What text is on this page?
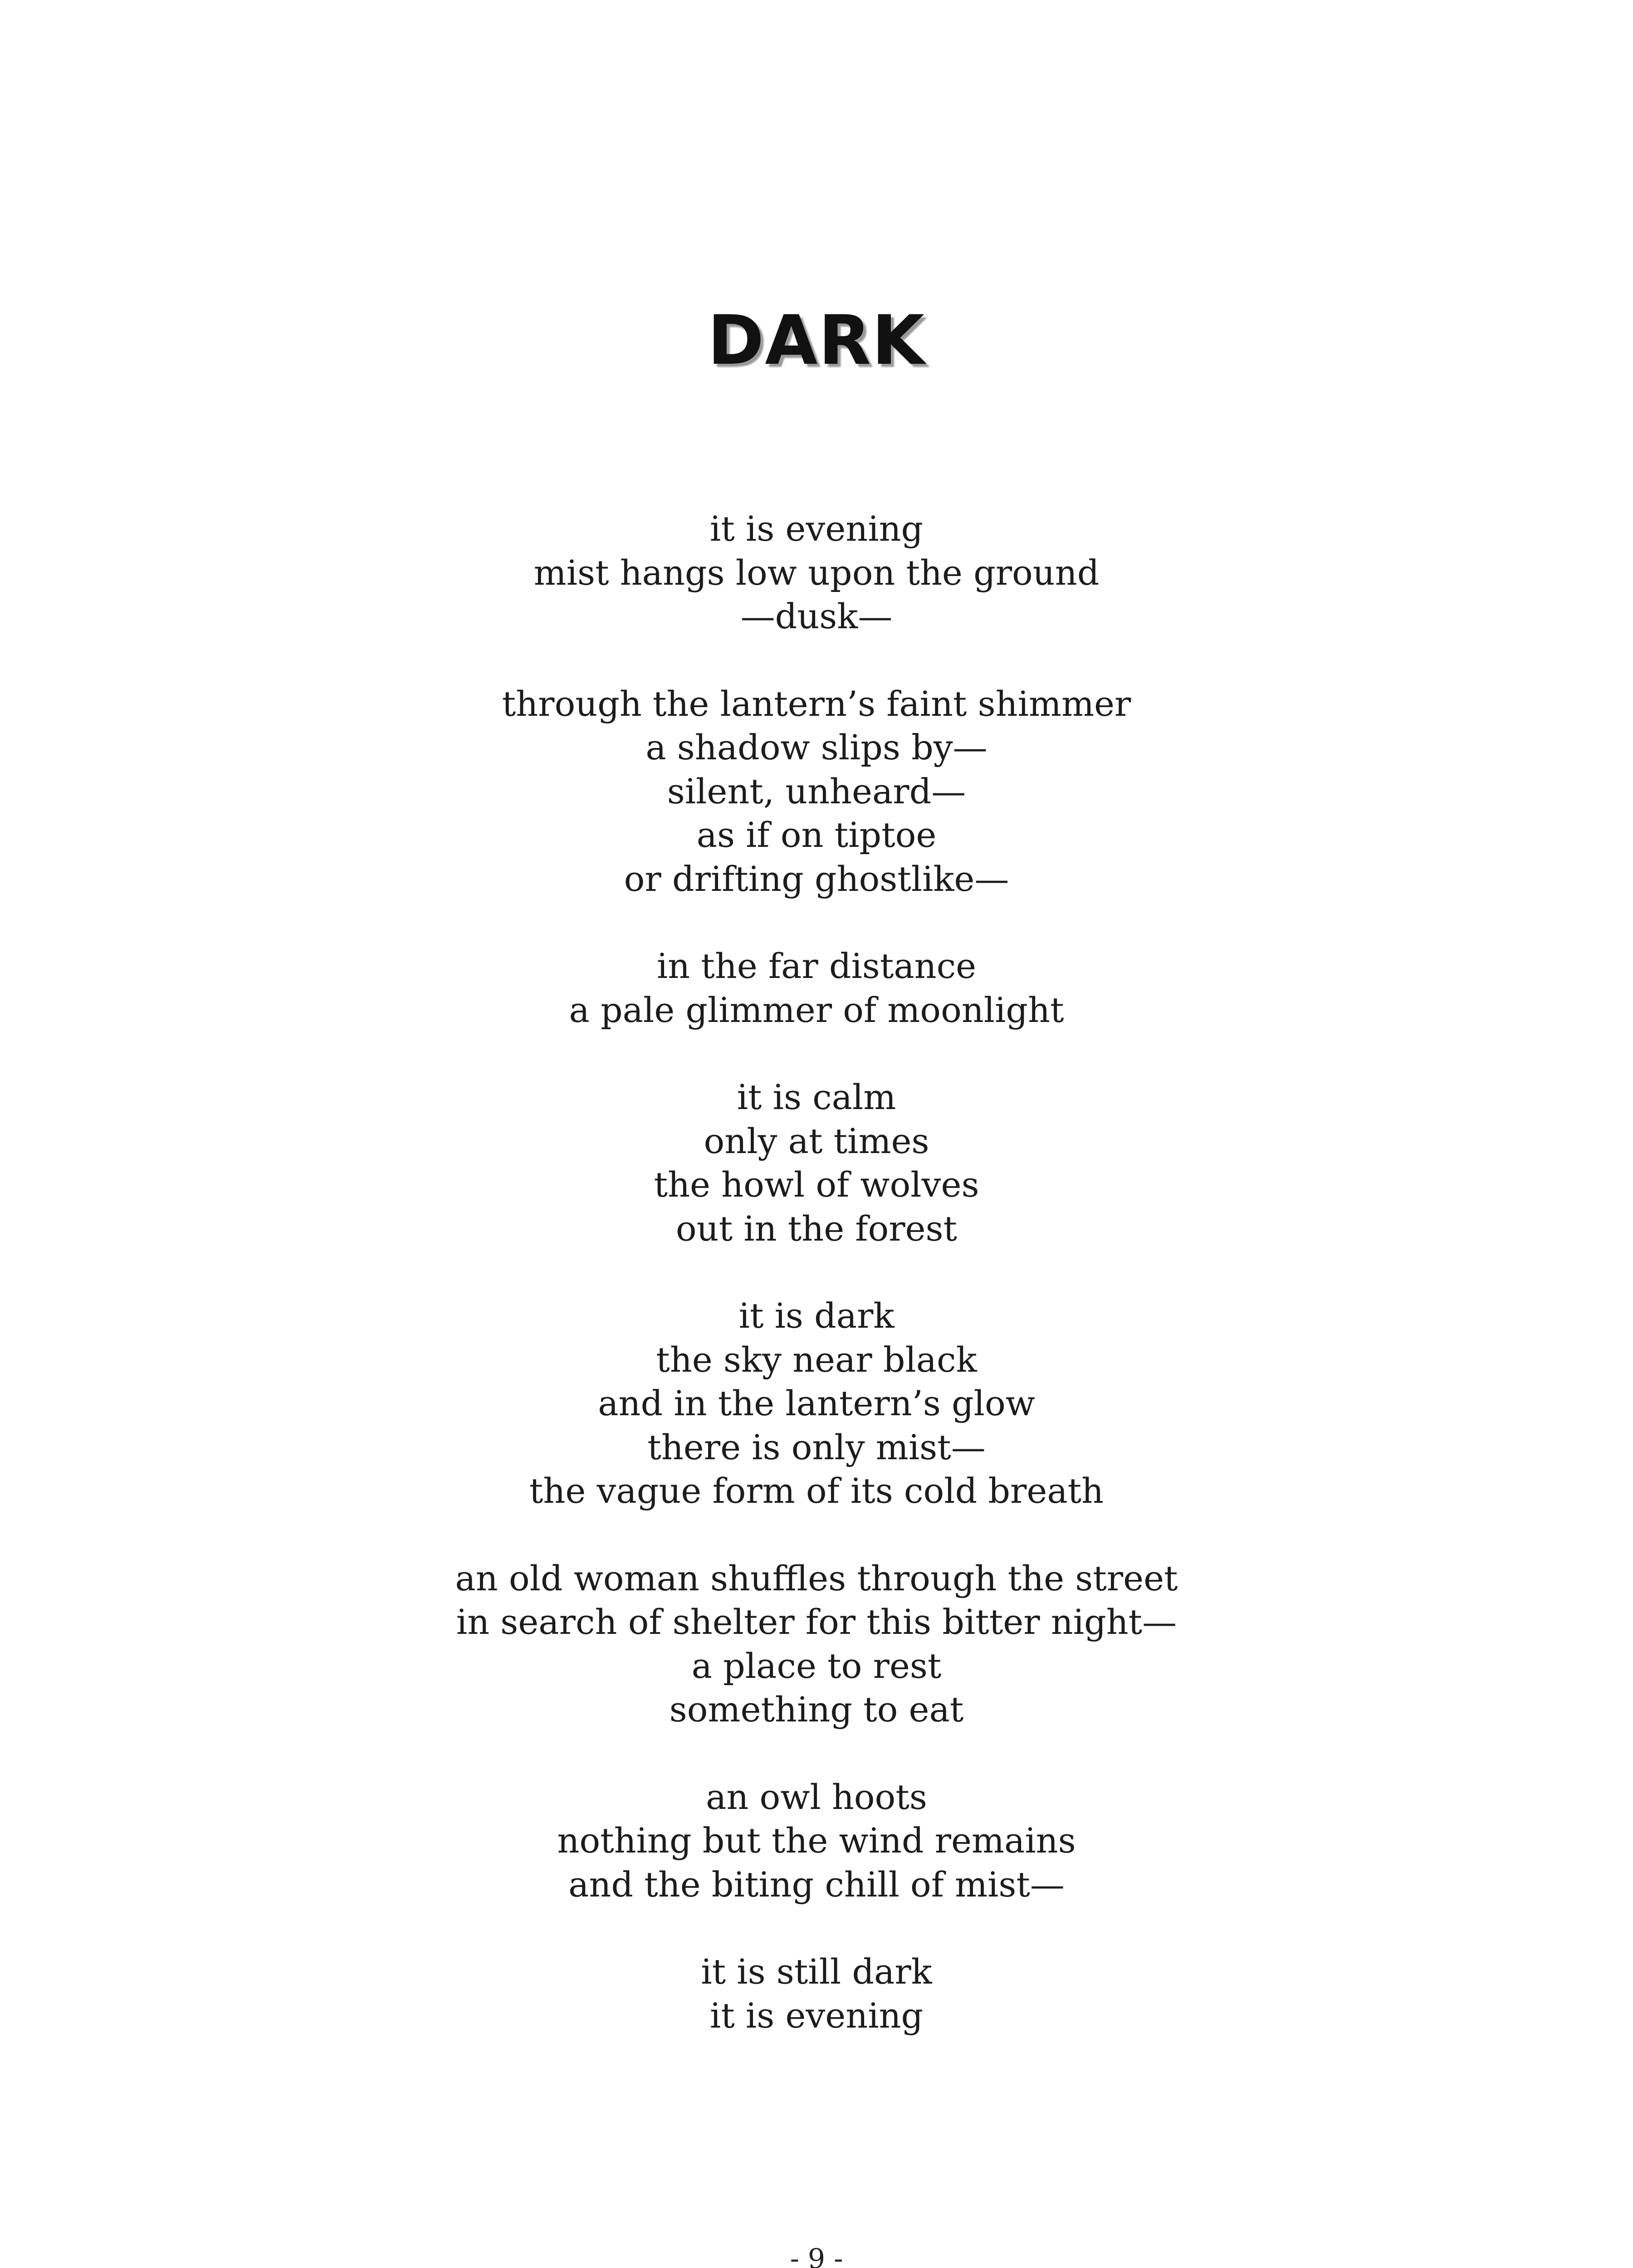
DARK
it is evening
mist hangs low upon the ground
—dusk—
through the lantern’s faint shimmer
a shadow slips by—
silent, unheard—
as if on tiptoe
or drifting ghostlike—
in the far distance
a pale glimmer of moonlight
it is calm
only at times
the howl of wolves
out in the forest
it is dark
the sky near black
and in the lantern’s glow
there is only mist—
the vague form of its cold breath
an old woman shuffles through the street
in search of shelter for this bitter night—
a place to rest
something to eat
an owl hoots
nothing but the wind remains
and the biting chill of mist—
it is still dark
it is evening
- 9 -
